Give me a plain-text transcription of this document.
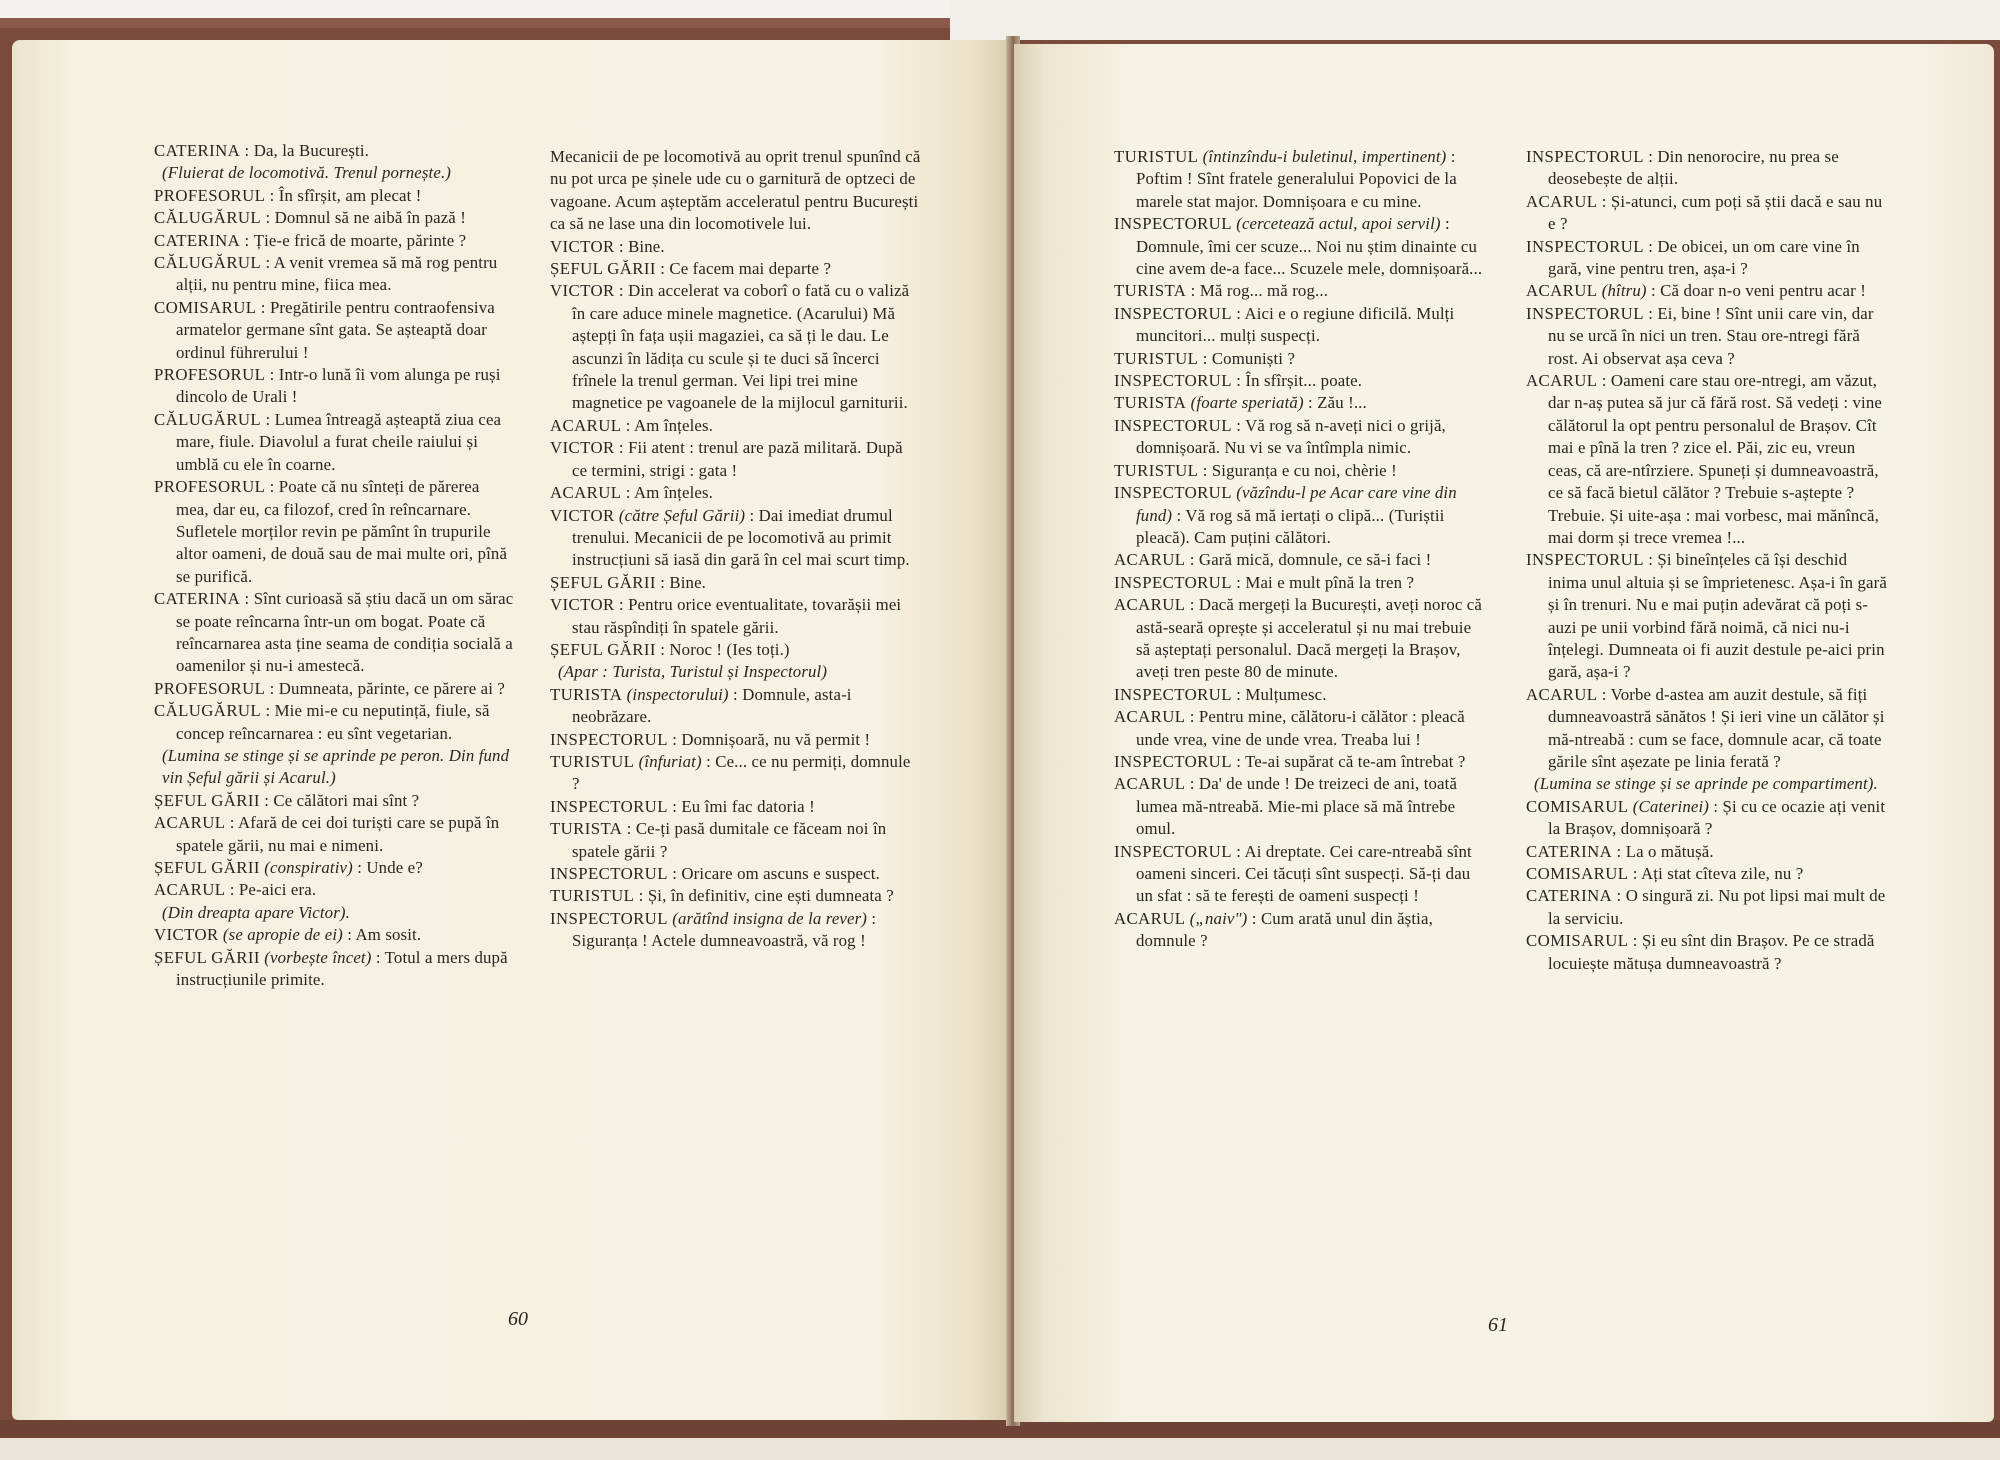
CATERINA : Da, la București.

(Fluierat de locomotivă. Trenul pornește.)

PROFESORUL : În sfîrșit, am plecat !

CĂLUGĂRUL : Domnul să ne aibă în pază !

CATERINA : Ție-e frică de moarte, părinte ?

CĂLUGĂRUL : A venit vremea să mă rog pentru alții, nu pentru mine, fiica mea.

COMISARUL : Pregătirile pentru contraofensiva armatelor germane sînt gata. Se așteaptă doar ordinul führerului !

PROFESORUL : Intr-o lună îi vom alunga pe ruși dincolo de Urali !

CĂLUGĂRUL : Lumea întreagă așteaptă ziua cea mare, fiule. Diavolul a furat cheile raiului și umblă cu ele în coarne.

PROFESORUL : Poate că nu sînteți de părerea mea, dar eu, ca filozof, cred în reîncarnare. Sufletele morților revin pe pămînt în trupurile altor oameni, de două sau de mai multe ori, pînă se purifică.

CATERINA : Sînt curioasă să știu dacă un om sărac se poate reîncarna într-un om bogat. Poate că reîncarnarea asta ține seama de condiția socială a oamenilor și nu-i amestecă.

PROFESORUL : Dumneata, părinte, ce părere ai ?

CĂLUGĂRUL : Mie mi-e cu neputință, fiule, să concep reîncarnarea : eu sînt vegetarian.

(Lumina se stinge și se aprinde pe peron. Din fund vin Șeful gării și Acarul.)

ȘEFUL GĂRII : Ce călători mai sînt ?

ACARUL : Afară de cei doi turiști care se pupă în spatele gării, nu mai e nimeni.

ȘEFUL GĂRII (conspirativ) : Unde e?

ACARUL : Pe-aici era.

(Din dreapta apare Victor).

VICTOR (se apropie de ei) : Am sosit.

ȘEFUL GĂRII (vorbește încet) : Totul a mers după instrucțiunile primite.

Mecanicii de pe locomotivă au oprit trenul spunînd că nu pot urca pe șinele ude cu o garnitură de optzeci de vagoane. Acum așteptăm acceleratul pentru București ca să ne lase una din locomotivele lui.

VICTOR : Bine.

ȘEFUL GĂRII : Ce facem mai departe ?

VICTOR : Din accelerat va coborî o fată cu o valiză în care aduce minele magnetice. (Acarului) Mă aștepți în fața ușii magaziei, ca să ți le dau. Le ascunzi în lădița cu scule și te duci să încerci frînele la trenul german. Vei lipi trei mine magnetice pe vagoanele de la mijlocul garniturii.

ACARUL : Am înțeles.

VICTOR : Fii atent : trenul are pază militară. După ce termini, strigi : gata !

ACARUL : Am înțeles.

VICTOR (către Șeful Gării) : Dai imediat drumul trenului. Mecanicii de pe locomotivă au primit instrucțiuni să iasă din gară în cel mai scurt timp.

ȘEFUL GĂRII : Bine.

VICTOR : Pentru orice eventualitate, tovarășii mei stau răspîndiți în spatele gării.

ȘEFUL GĂRII : Noroc ! (Ies toți.)

(Apar : Turista, Turistul și Inspectorul)

TURISTA (inspectorului) : Domnule, asta-i neobrăzare.

INSPECTORUL : Domnișoară, nu vă permit !

TURISTUL (înfuriat) : Ce... ce nu permiți, domnule ?

INSPECTORUL : Eu îmi fac datoria !

TURISTA : Ce-ți pasă dumitale ce făceam noi în spatele gării ?

INSPECTORUL : Oricare om ascuns e suspect.

TURISTUL : Și, în definitiv, cine ești dumneata ?

INSPECTORUL (arătînd insigna de la rever) : Siguranța ! Actele dumneavoastră, vă rog !

60

TURISTUL (întinzîndu-i buletinul, impertinent) : Poftim ! Sînt fratele generalului Popovici de la marele stat major. Domnișoara e cu mine.

INSPECTORUL (cercetează actul, apoi servil) : Domnule, îmi cer scuze... Noi nu știm dinainte cu cine avem de-a face... Scuzele mele, domnișoară...

TURISTA : Mă rog... mă rog...

INSPECTORUL : Aici e o regiune dificilă. Mulți muncitori... mulți suspecți.

TURISTUL : Comuniști ?

INSPECTORUL : În sfîrșit... poate.

TURISTA (foarte speriată) : Zău !...

INSPECTORUL : Vă rog să n-aveți nici o grijă, domnișoară. Nu vi se va întîmpla nimic.

TURISTUL : Siguranța e cu noi, chèrie !

INSPECTORUL (văzîndu-l pe Acar care vine din fund) : Vă rog să mă iertați o clipă... (Turiștii pleacă). Cam puțini călători.

ACARUL : Gară mică, domnule, ce să-i faci !

INSPECTORUL : Mai e mult pînă la tren ?

ACARUL : Dacă mergeți la București, aveți noroc că astă-seară oprește și acceleratul și nu mai trebuie să așteptați personalul. Dacă mergeți la Brașov, aveți tren peste 80 de minute.

INSPECTORUL : Mulțumesc.

ACARUL : Pentru mine, călătoru-i călător : pleacă unde vrea, vine de unde vrea. Treaba lui !

INSPECTORUL : Te-ai supărat că te-am întrebat ?

ACARUL : Da' de unde ! De treizeci de ani, toată lumea mă-ntreabă. Mie-mi place să mă întrebe omul.

INSPECTORUL : Ai dreptate. Cei care-ntreabă sînt oameni sinceri. Cei tăcuți sînt suspecți. Să-ți dau un sfat : să te ferești de oameni suspecți !

ACARUL („naiv") : Cum arată unul din ăștia, domnule ?

INSPECTORUL : Din nenorocire, nu prea se deosebește de alții.

ACARUL : Și-atunci, cum poți să știi dacă e sau nu e ?

INSPECTORUL : De obicei, un om care vine în gară, vine pentru tren, așa-i ?

ACARUL (hîtru) : Că doar n-o veni pentru acar !

INSPECTORUL : Ei, bine ! Sînt unii care vin, dar nu se urcă în nici un tren. Stau ore-ntregi fără rost. Ai observat așa ceva ?

ACARUL : Oameni care stau ore-ntregi, am văzut, dar n-aș putea să jur că fără rost. Să vedeți : vine călătorul la opt pentru personalul de Brașov. Cît mai e pînă la tren ? zice el. Păi, zic eu, vreun ceas, că are-ntîrziere. Spuneți și dumneavoastră, ce să facă bietul călător ? Trebuie s-aștepte ? Trebuie. Și uite-așa : mai vorbesc, mai mănîncă, mai dorm și trece vremea !...

INSPECTORUL : Și bineînțeles că își deschid inima unul altuia și se împrietenesc. Așa-i în gară și în trenuri. Nu e mai puțin adevărat că poți s-auzi pe unii vorbind fără noimă, că nici nu-i înțelegi. Dumneata oi fi auzit destule pe-aici prin gară, așa-i ?

ACARUL : Vorbe d-astea am auzit destule, să fiți dumneavoastră sănătos ! Și ieri vine un călător și mă-ntreabă : cum se face, domnule acar, că toate gările sînt așezate pe linia ferată ?

(Lumina se stinge și se aprinde pe compartiment).

COMISARUL (Caterinei) : Și cu ce ocazie ați venit la Brașov, domnișoară ?

CATERINA : La o mătușă.

COMISARUL : Ați stat cîteva zile, nu ?

CATERINA : O singură zi. Nu pot lipsi mai mult de la serviciu.

COMISARUL : Și eu sînt din Brașov. Pe ce stradă locuiește mătușa dumneavoastră ?

61
